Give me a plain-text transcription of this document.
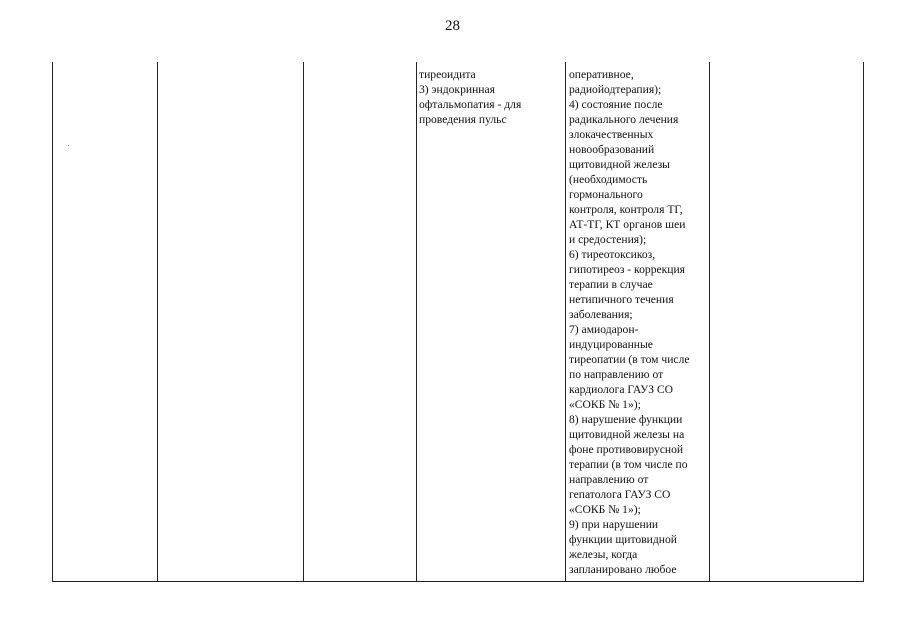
28
тиреоидита
3) эндокринная
офтальмопатия - для
проведения пульс
оперативное,
радиойодтерапия);
4) состояние после
радикального лечения
злокачественных
новообразований
щитовидной железы
(необходимость
гормонального
контроля, контроля ТГ,
АТ-ТГ, КТ органов шеи
и средостения);
6) тиреотоксикоз,
гипотиреоз - коррекция
терапии в случае
нетипичного течения
заболевания;
7) амиодарон-
индуцированные
тиреопатии (в том числе
по направлению от
кардиолога ГАУЗ СО
«СОКБ № 1»);
8) нарушение функции
щитовидной железы на
фоне противовирусной
терапии (в том числе по
направлению от
гепатолога ГАУЗ СО
«СОКБ № 1»);
9) при нарушении
функции щитовидной
железы, когда
запланировано любое
